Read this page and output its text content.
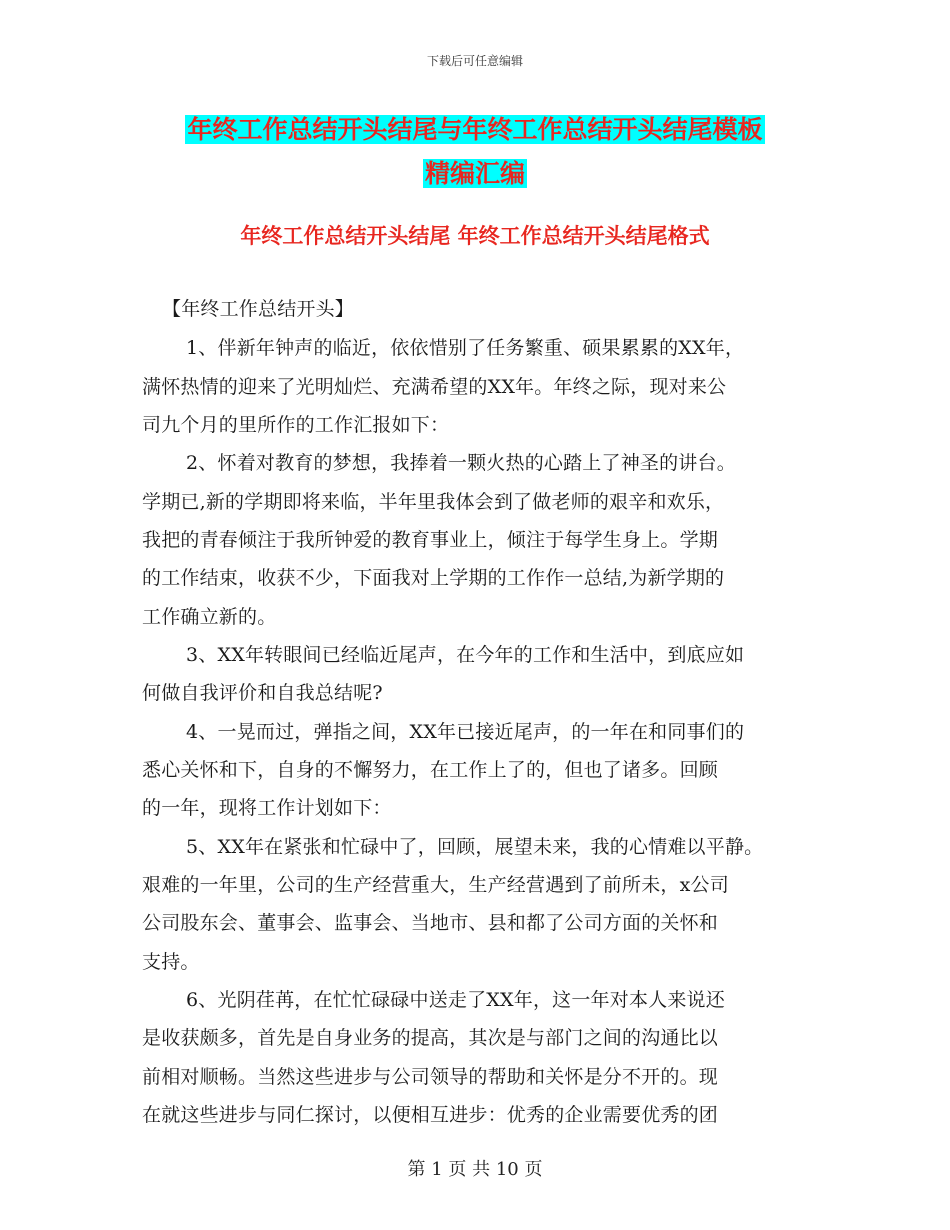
下载后可任意编辑
年终工作总结开头结尾与年终工作总结开头结尾模板
精编汇编
年终工作总结开头结尾 年终工作总结开头结尾格式
【年终工作总结开头】
1、伴新年钟声的临近，依依惜别了任务繁重、硕果累累的XX年，
满怀热情的迎来了光明灿烂、充满希望的XX年。年终之际，现对来公
司九个月的里所作的工作汇报如下：
2、怀着对教育的梦想，我捧着一颗火热的心踏上了神圣的讲台。
学期已,新的学期即将来临，半年里我体会到了做老师的艰辛和欢乐，
我把的青春倾注于我所钟爱的教育事业上，倾注于每学生身上。学期
的工作结束，收获不少，下面我对上学期的工作作一总结,为新学期的
工作确立新的。
3、XX年转眼间已经临近尾声，在今年的工作和生活中，到底应如
何做自我评价和自我总结呢?
4、一晃而过，弹指之间，XX年已接近尾声，的一年在和同事们的
悉心关怀和下，自身的不懈努力，在工作上了的，但也了诸多。回顾
的一年，现将工作计划如下：
5、XX年在紧张和忙碌中了，回顾，展望未来，我的心情难以平静。
艰难的一年里，公司的生产经营重大，生产经营遇到了前所未，x公司
公司股东会、董事会、监事会、当地市、县和都了公司方面的关怀和
支持。
6、光阴荏苒，在忙忙碌碌中送走了XX年，这一年对本人来说还
是收获颇多，首先是自身业务的提高，其次是与部门之间的沟通比以
前相对顺畅。当然这些进步与公司领导的帮助和关怀是分不开的。现
在就这些进步与同仁探讨，以便相互进步：优秀的企业需要优秀的团
第 1 页 共 10 页
